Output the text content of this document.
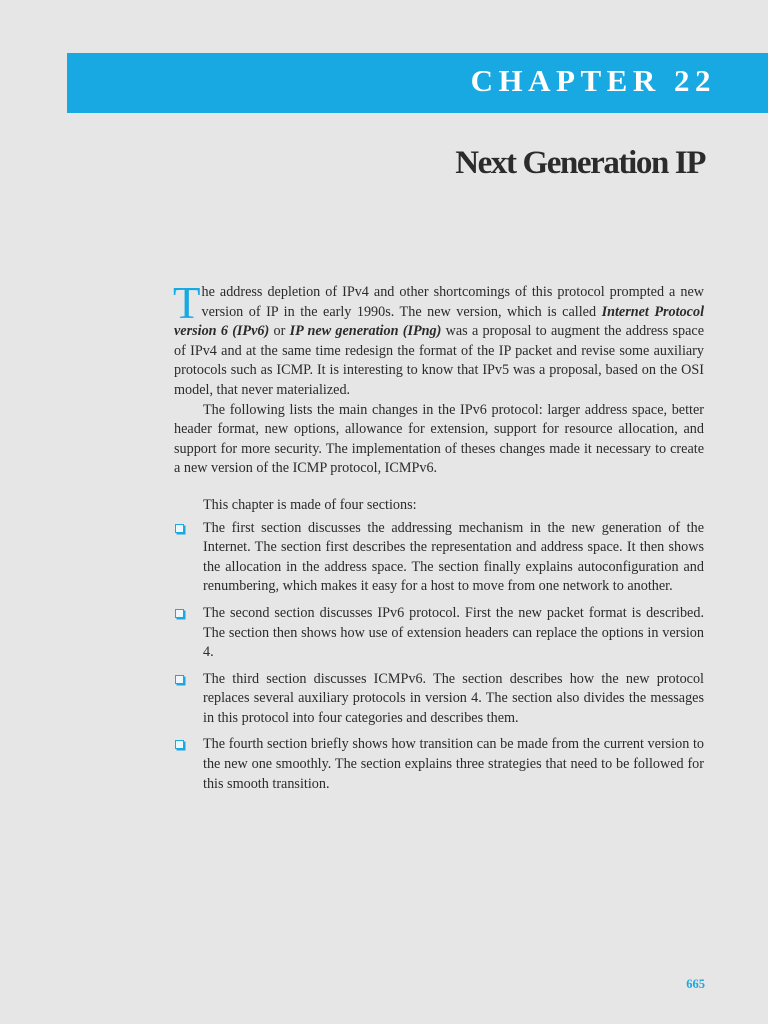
CHAPTER 22
Next Generation IP

The address depletion of IPv4 and other shortcomings of this protocol prompted a new version of IP in the early 1990s. The new version, which is called Internet Protocol version 6 (IPv6) or IP new generation (IPng) was a proposal to augment the address space of IPv4 and at the same time redesign the format of the IP packet and revise some auxiliary protocols such as ICMP. It is interesting to know that IPv5 was a proposal, based on the OSI model, that never materialized.

The following lists the main changes in the IPv6 protocol: larger address space, better header format, new options, allowance for extension, support for resource allocation, and support for more security. The implementation of theses changes made it necessary to create a new version of the ICMP protocol, ICMPv6.

This chapter is made of four sections:

The first section discusses the addressing mechanism in the new generation of the Internet. The section first describes the representation and address space. It then shows the allocation in the address space. The section finally explains autoconfiguration and renumbering, which makes it easy for a host to move from one network to another.
The second section discusses IPv6 protocol. First the new packet format is described. The section then shows how use of extension headers can replace the options in version 4.
The third section discusses ICMPv6. The section describes how the new protocol replaces several auxiliary protocols in version 4. The section also divides the messages in this protocol into four categories and describes them.
The fourth section briefly shows how transition can be made from the current version to the new one smoothly. The section explains three strategies that need to be followed for this smooth transition.
665
